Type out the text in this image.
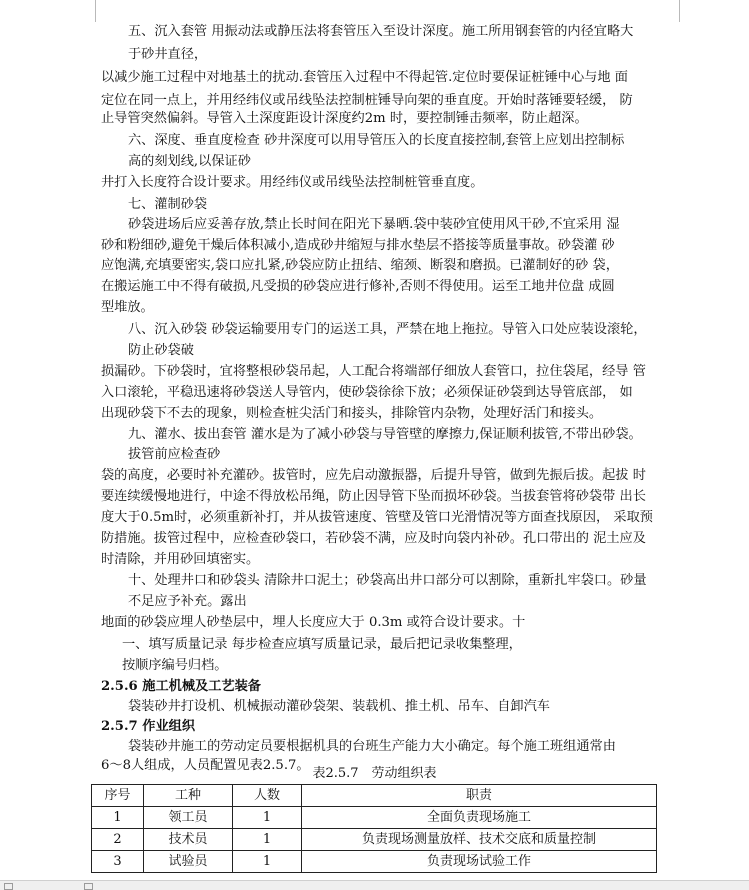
五、沉入套管 用振动法或静压法将套管压入至设计深度。施工所用钢套管的内径宜略大
于砂井直径，
以减少施工过程中对地基土的扰动.套管压入过程中不得起管.定位时要保证桩锤中心与地 面
定位在同一点上，并用经纬仪或吊线坠法控制桩锤导向架的垂直度。开始时落锤要轻缓， 防
止导管突然偏斜。导管入土深度距设计深度约2m 时，要控制锤击频率，防止超深。
六、深度、垂直度检查 砂井深度可以用导管压入的长度直接控制,套管上应划出控制标
高的刻划线,以保证砂
井打入长度符合设计要求。用经纬仪或吊线坠法控制桩管垂直度。
七、灌制砂袋
砂袋进场后应妥善存放,禁止长时间在阳光下暴晒.袋中装砂宜使用风干砂,不宜采用 湿
砂和粉细砂,避免干燥后体积减小,造成砂井缩短与排水垫层不搭接等质量事故。砂袋灌 砂
应饱满,充填要密实,袋口应扎紧,砂袋应防止扭结、缩颈、断裂和磨损。已灌制好的砂 袋，
在搬运施工中不得有破损,凡受损的砂袋应进行修补,否则不得使用。运至工地井位盘 成圆
型堆放。
八、沉入砂袋 砂袋运输要用专门的运送工具，严禁在地上拖拉。导管入口处应装设滚轮，
防止砂袋破
损漏砂。下砂袋时，宜将整根砂袋吊起，人工配合将端部仔细放人套管口，拉住袋尾，经导 管
入口滚轮，平稳迅速将砂袋送人导管内，使砂袋徐徐下放；必须保证砂袋到达导管底部， 如
出现砂袋下不去的现象，则检查桩尖活门和接头，排除管内杂物，处理好活门和接头。
九、灌水、拔出套管 灌水是为了减小砂袋与导管壁的摩擦力,保证顺利拔管,不带出砂袋。
拔管前应检查砂
袋的高度，必要时补充灌砂。拔管时，应先启动激振器，后提升导管，做到先振后拔。起拔 时
要连续缓慢地进行，中途不得放松吊绳，防止因导管下坠而损坏砂袋。当拔套管将砂袋带 出长
度大于0.5m时，必须重新补打，并从拔管速度、管壁及管口光滑情况等方面查找原因， 采取预
防措施。拔管过程中，应检查砂袋口，若砂袋不满，应及时向袋内补砂。孔口带出的 泥土应及
时清除，并用砂回填密实。
十、处理井口和砂袋头 清除井口泥土；砂袋高出井口部分可以割除，重新扎牢袋口。砂量
不足应予补充。露出
地面的砂袋应埋人砂垫层中，埋人长度应大于 0.3m 或符合设计要求。十
一、填写质量记录 每步检查应填写质量记录，最后把记录收集整理，
按顺序编号归档。
2.5.6 施工机械及工艺装备
袋装砂井打设机、机械振动灌砂袋架、装载机、推土机、吊车、自卸汽车
2.5.7 作业组织
袋装砂井施工的劳动定员要根据机具的台班生产能力大小确定。每个施工班组通常由
6～8人组成，人员配置见表2.5.7。
表2.5.7　劳动组织表
序号	工种	人数	职责
1	领工员	1	全面负责现场施工
2	技术员	1	负责现场测量放样、技术交底和质量控制
3	试验员	1	负责现场试验工作
